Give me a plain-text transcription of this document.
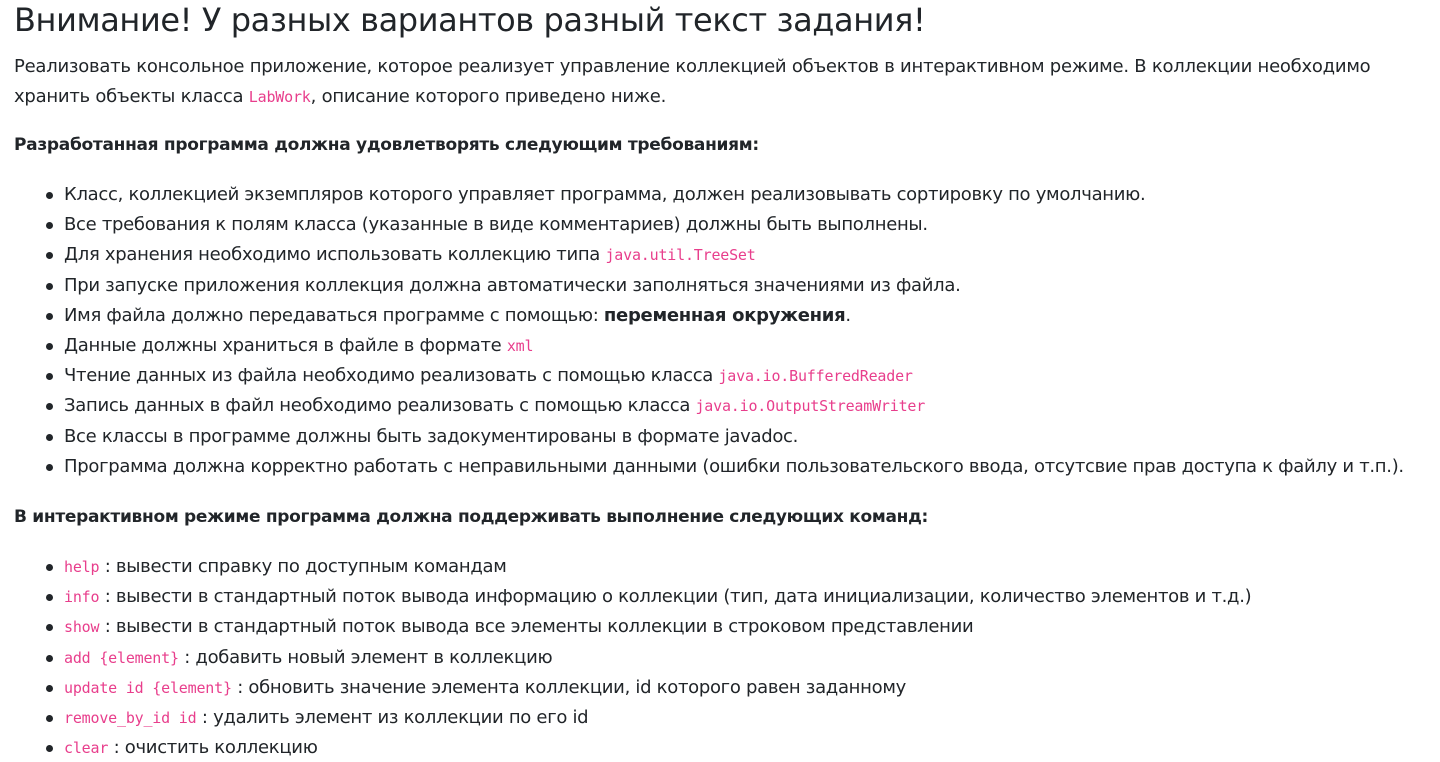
Внимание! У разных вариантов разный текст задания!

Реализовать консольное приложение, которое реализует управление коллекцией объектов в интерактивном режиме. В коллекции необходимо хранить объекты класса LabWork, описание которого приведено ниже.

Разработанная программа должна удовлетворять следующим требованиям:
Класс, коллекцией экземпляров которого управляет программа, должен реализовывать сортировку по умолчанию.
Все требования к полям класса (указанные в виде комментариев) должны быть выполнены.
Для хранения необходимо использовать коллекцию типа java.util.TreeSet
При запуске приложения коллекция должна автоматически заполняться значениями из файла.
Имя файла должно передаваться программе с помощью: переменная окружения.
Данные должны храниться в файле в формате xml
Чтение данных из файла необходимо реализовать с помощью класса java.io.BufferedReader
Запись данных в файл необходимо реализовать с помощью класса java.io.OutputStreamWriter
Все классы в программе должны быть задокументированы в формате javadoc.
Программа должна корректно работать с неправильными данными (ошибки пользовательского ввода, отсутсвие прав доступа к файлу и т.п.).
В интерактивном режиме программа должна поддерживать выполнение следующих команд:
help : вывести справку по доступным командам
info : вывести в стандартный поток вывода информацию о коллекции (тип, дата инициализации, количество элементов и т.д.)
show : вывести в стандартный поток вывода все элементы коллекции в строковом представлении
add {element} : добавить новый элемент в коллекцию
update id {element} : обновить значение элемента коллекции, id которого равен заданному
remove_by_id id : удалить элемент из коллекции по его id
clear : очистить коллекцию
